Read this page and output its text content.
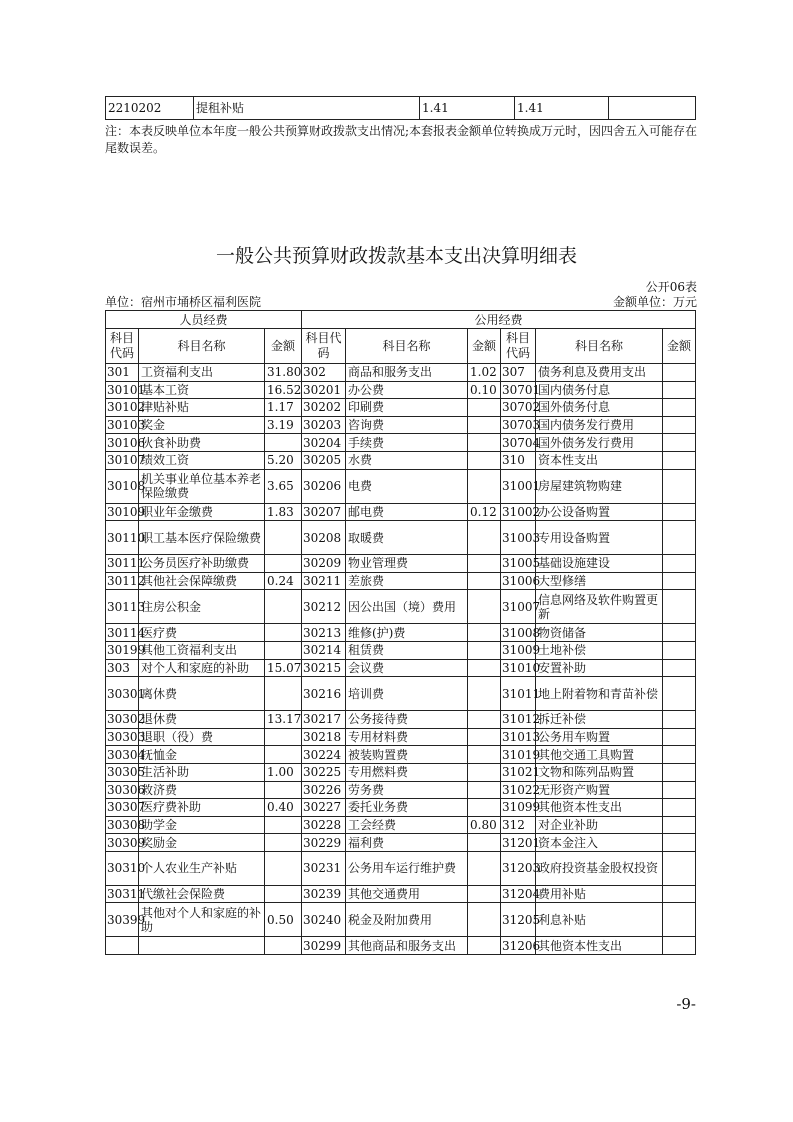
2210202	提租补贴	1.41	1.41	
注：本表反映单位本年度一般公共预算财政拨款支出情况;本套报表金额单位转换成万元时，因四舍五入可能存在尾数误差。
一般公共预算财政拨款基本支出决算明细表
公开06表
单位：宿州市埇桥区福利医院	金额单位：万元
人员经费			公用经费					
科目代码	科目名称	金额	科目代码	科目名称	金额	科目代码	科目名称	金额
301	工资福利支出	31.80	302	商品和服务支出	1.02	307	债务利息及费用支出	
30101	基本工资	16.52	30201	办公费	0.10	30701	国内债务付息	
30102	津贴补贴	1.17	30202	印刷费		30702	国外债务付息	
30103	奖金	3.19	30203	咨询费		30703	国内债务发行费用	
30106	伙食补助费		30204	手续费		30704	国外债务发行费用	
30107	绩效工资	5.20	30205	水费		310	资本性支出	
30108	机关事业单位基本养老保险缴费	3.65	30206	电费		31001	房屋建筑物购建	
30109	职业年金缴费	1.83	30207	邮电费	0.12	31002	办公设备购置	
30110	职工基本医疗保险缴费		30208	取暖费		31003	专用设备购置	
30111	公务员医疗补助缴费		30209	物业管理费		31005	基础设施建设	
30112	其他社会保障缴费	0.24	30211	差旅费		31006	大型修缮	
30113	住房公积金		30212	因公出国（境）费用		31007	信息网络及软件购置更新	
30114	医疗费		30213	维修(护)费		31008	物资储备	
30199	其他工资福利支出		30214	租赁费		31009	土地补偿	
303	对个人和家庭的补助	15.07	30215	会议费		31010	安置补助	
30301	离休费		30216	培训费		31011	地上附着物和青苗补偿	
30302	退休费	13.17	30217	公务接待费		31012	拆迁补偿	
30303	退职（役）费		30218	专用材料费		31013	公务用车购置	
30304	抚恤金		30224	被装购置费		31019	其他交通工具购置	
30305	生活补助	1.00	30225	专用燃料费		31021	文物和陈列品购置	
30306	救济费		30226	劳务费		31022	无形资产购置	
30307	医疗费补助	0.40	30227	委托业务费		31099	其他资本性支出	
30308	助学金		30228	工会经费	0.80	312	对企业补助	
30309	奖励金		30229	福利费		31201	资本金注入	
30310	个人农业生产补贴		30231	公务用车运行维护费		31203	政府投资基金股权投资	
30311	代缴社会保险费		30239	其他交通费用		31204	费用补贴	
30399	其他对个人和家庭的补助	0.50	30240	税金及附加费用		31205	利息补贴	
			30299	其他商品和服务支出		31206	其他资本性支出	
-9-
